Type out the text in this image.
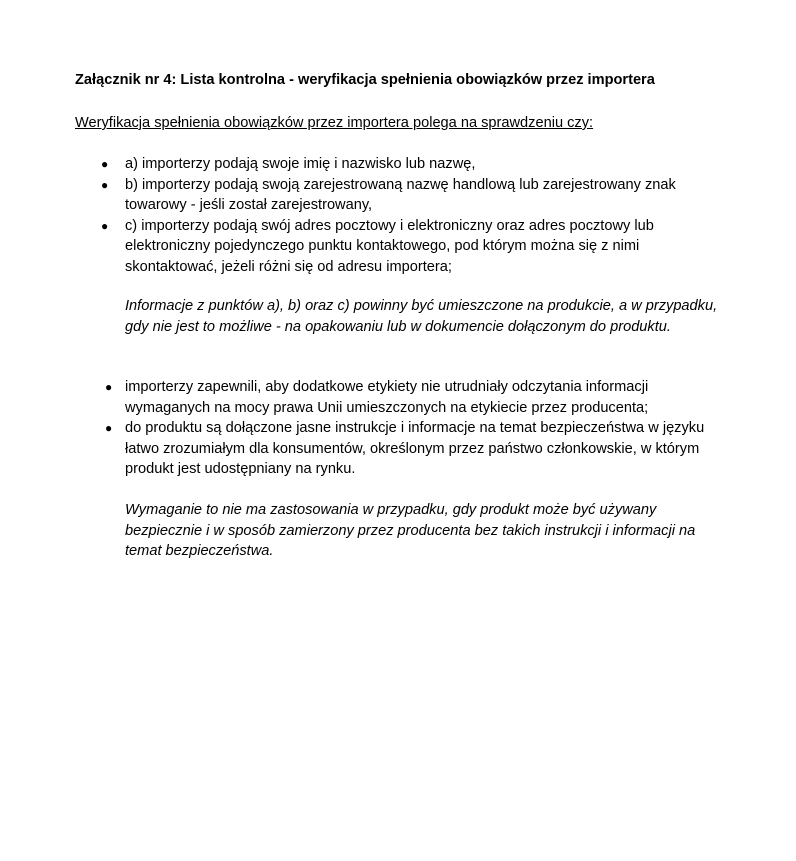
Załącznik nr 4: Lista kontrolna - weryfikacja spełnienia obowiązków przez importera

Weryfikacja spełnienia obowiązków przez importera polega na sprawdzeniu czy:

● a) importerzy podają swoje imię i nazwisko lub nazwę,
● b) importerzy podają swoją zarejestrowaną nazwę handlową lub zarejestrowany znak towarowy - jeśli został zarejestrowany,
● c) importerzy podają swój adres pocztowy i elektroniczny oraz adres pocztowy lub elektroniczny pojedynczego punktu kontaktowego, pod którym można się z nimi skontaktować, jeżeli różni się od adresu importera;

Informacje z punktów a), b) oraz c) powinny być umieszczone na produkcie, a w przypadku, gdy nie jest to możliwe - na opakowaniu lub w dokumencie dołączonym do produktu.

● importerzy zapewnili, aby dodatkowe etykiety nie utrudniały odczytania informacji wymaganych na mocy prawa Unii umieszczonych na etykiecie przez producenta;
● do produktu są dołączone jasne instrukcje i informacje na temat bezpieczeństwa w języku łatwo zrozumiałym dla konsumentów, określonym przez państwo członkowskie, w którym produkt jest udostępniany na rynku.

Wymaganie to nie ma zastosowania w przypadku, gdy produkt może być używany bezpiecznie i w sposób zamierzony przez producenta bez takich instrukcji i informacji na temat bezpieczeństwa.
